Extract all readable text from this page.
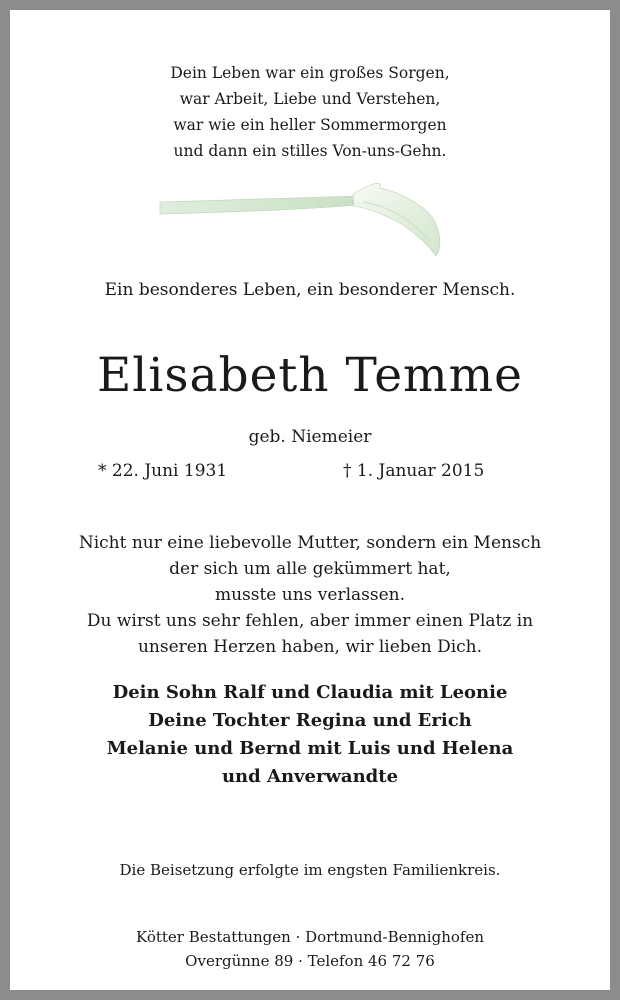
Dein Leben war ein großes Sorgen,
war Arbeit, Liebe und Verstehen,
war wie ein heller Sommermorgen
und dann ein stilles Von-uns-Gehn.
Ein besonderes Leben, ein besonderer Mensch.
Elisabeth Temme
geb. Niemeier
* 22. Juni 1931	† 1. Januar 2015
Nicht nur eine liebevolle Mutter, sondern ein Mensch
der sich um alle gekümmert hat,
musste uns verlassen.
Du wirst uns sehr fehlen, aber immer einen Platz in
unseren Herzen haben, wir lieben Dich.
Dein Sohn Ralf und Claudia mit Leonie
Deine Tochter Regina und Erich
Melanie und Bernd mit Luis und Helena
und Anverwandte
Die Beisetzung erfolgte im engsten Familienkreis.
Kötter Bestattungen · Dortmund-Bennighofen
Overgünne 89 · Telefon 46 72 76
